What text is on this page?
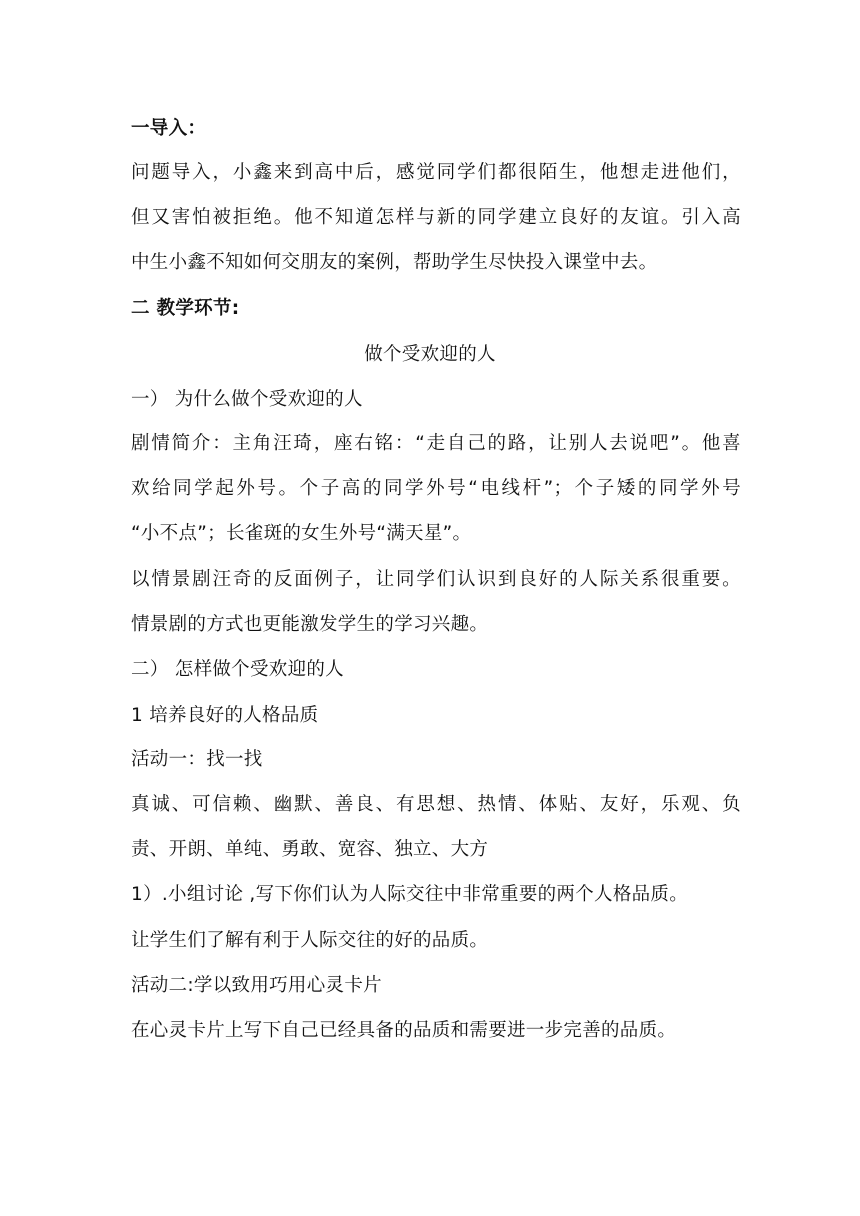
一导入：
问题导入，小鑫来到高中后，感觉同学们都很陌生，他想走进他们，
但又害怕被拒绝。他不知道怎样与新的同学建立良好的友谊。引入高
中生小鑫不知如何交朋友的案例，帮助学生尽快投入课堂中去。
二 教学环节:
做个受欢迎的人
一） 为什么做个受欢迎的人
剧情简介：主角汪琦，座右铭：“走自己的路，让别人去说吧”。他喜
欢给同学起外号。个子高的同学外号“电线杆”；个子矮的同学外号
“小不点”；长雀斑的女生外号“满天星”。
以情景剧汪奇的反面例子，让同学们认识到良好的人际关系很重要。
情景剧的方式也更能激发学生的学习兴趣。
二） 怎样做个受欢迎的人
1 培养良好的人格品质
活动一：找一找
真诚、可信赖、幽默、善良、有思想、热情、体贴、友好，乐观、负
责、开朗、单纯、勇敢、宽容、独立、大方
1）.小组讨论 ,写下你们认为人际交往中非常重要的两个人格品质。
让学生们了解有利于人际交往的好的品质。
活动二:学以致用巧用心灵卡片
在心灵卡片上写下自己已经具备的品质和需要进一步完善的品质。
